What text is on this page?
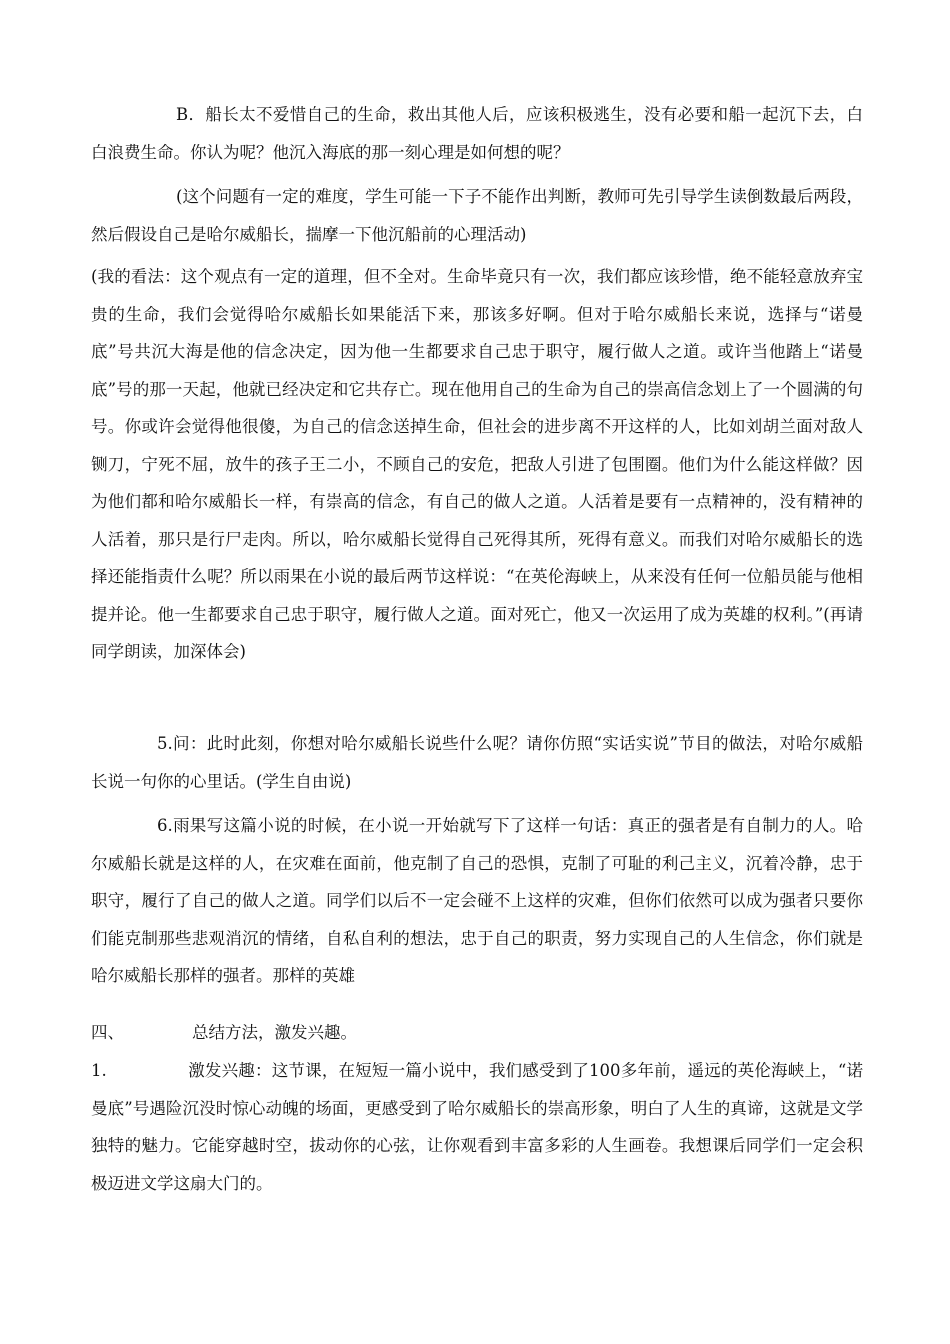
B．船长太不爱惜自己的生命，救出其他人后，应该积极逃生，没有必要和船一起沉下去，白白浪费生命。你认为呢？他沉入海底的那一刻心理是如何想的呢？
(这个问题有一定的难度，学生可能一下子不能作出判断，教师可先引导学生读倒数最后两段，然后假设自己是哈尔威船长，揣摩一下他沉船前的心理活动)
(我的看法：这个观点有一定的道理，但不全对。生命毕竟只有一次，我们都应该珍惜，绝不能轻意放弃宝贵的生命，我们会觉得哈尔威船长如果能活下来，那该多好啊。但对于哈尔威船长来说，选择与“诺曼底”号共沉大海是他的信念决定，因为他一生都要求自己忠于职守，履行做人之道。或许当他踏上“诺曼底”号的那一天起，他就已经决定和它共存亡。现在他用自己的生命为自己的崇高信念划上了一个圆满的句号。你或许会觉得他很傻，为自己的信念送掉生命，但社会的进步离不开这样的人，比如刘胡兰面对敌人铡刀，宁死不屈，放牛的孩子王二小，不顾自己的安危，把敌人引进了包围圈。他们为什么能这样做？因为他们都和哈尔威船长一样，有崇高的信念，有自己的做人之道。人活着是要有一点精神的，没有精神的人活着，那只是行尸走肉。所以，哈尔威船长觉得自己死得其所，死得有意义。而我们对哈尔威船长的选择还能指责什么呢？所以雨果在小说的最后两节这样说：“在英伦海峡上，从来没有任何一位船员能与他相提并论。他一生都要求自己忠于职守，履行做人之道。面对死亡，他又一次运用了成为英雄的权利。”(再请同学朗读，加深体会)
5.问：此时此刻，你想对哈尔威船长说些什么呢？请你仿照“实话实说”节目的做法，对哈尔威船长说一句你的心里话。(学生自由说)
6.雨果写这篇小说的时候，在小说一开始就写下了这样一句话：真正的强者是有自制力的人。哈尔威船长就是这样的人，在灾难在面前，他克制了自己的恐惧，克制了可耻的利己主义，沉着冷静，忠于职守，履行了自己的做人之道。同学们以后不一定会碰不上这样的灾难，但你们依然可以成为强者只要你们能克制那些悲观消沉的情绪，自私自利的想法，忠于自己的职责，努力实现自己的人生信念，你们就是哈尔威船长那样的强者。那样的英雄
四、	总结方法，激发兴趣。
1.	激发兴趣：这节课，在短短一篇小说中，我们感受到了100多年前，遥远的英伦海峡上，“诺曼底”号遇险沉没时惊心动魄的场面，更感受到了哈尔威船长的崇高形象，明白了人生的真谛，这就是文学独特的魅力。它能穿越时空，拔动你的心弦，让你观看到丰富多彩的人生画卷。我想课后同学们一定会积极迈进文学这扇大门的。
